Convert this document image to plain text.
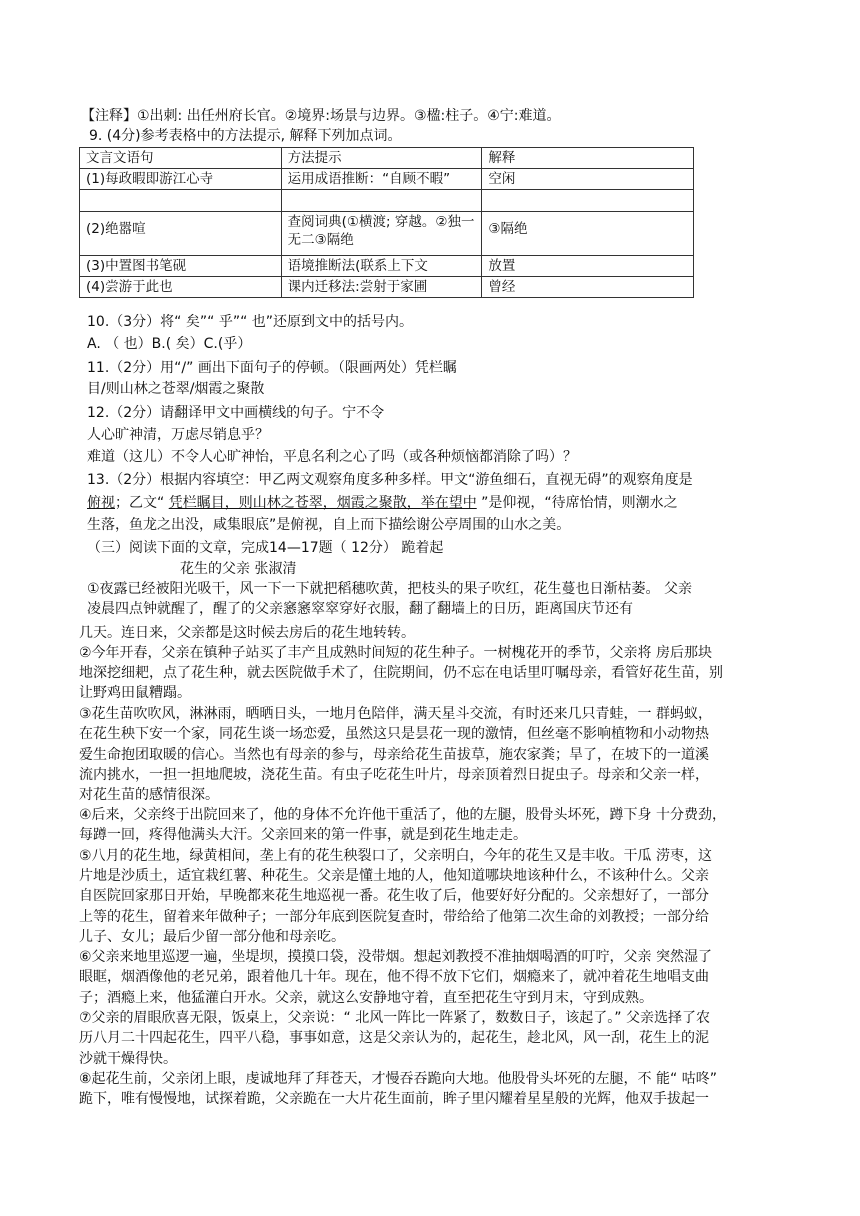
【注释】①出刺: 出任州府长官。②境界:场景与边界。③楹:柱子。④宁:难道。
9. (4分)参考表格中的方法提示, 解释下列加点词。
文言文语句	方法提示	解释
(1)每政暇即游江心寺	运用成语推断：“自顾不暇”	空闲

(2)绝嚣喧	查阅词典(①横渡; 穿越。②独一无二③隔绝	③隔绝
(3)中置图书笔砚	语境推断法(联系上下文	放置
(4)尝游于此也	课内迁移法:尝射于家圃	曾经
10.（3分）将“ 矣”“ 乎”“ 也”还原到文中的括号内。
A. （ 也）B.( 矣）C.(乎）
11.（2分）用“/” 画出下面句子的停顿。（限画两处）凭栏瞩
目/则山林之苍翠/烟霞之聚散
12.（2分）请翻译甲文中画横线的句子。宁不令
人心旷神清，万虑尽销息乎？
难道（这儿）不令人心旷神怡，平息名利之心了吗（或各种烦恼都消除了吗）？
13.（2分）根据内容填空：甲乙两文观察角度多种多样。甲文“游鱼细石，直视无碍”的观察角度是
俯视；乙文“ 凭栏瞩目，则山林之苍翠，烟霞之聚散，举在望中 ”是仰视，“待席怡情，则潮水之
生落，鱼龙之出没，咸集眼底”是俯视，自上而下描绘谢公亭周围的山水之美。
（三）阅读下面的文章，完成14—17题（ 12分） 跪着起
花生的父亲 张淑清
①夜露已经被阳光吸干，风一下一下就把稻穗吹黄，把枝头的果子吹红，花生蔓也日渐枯萎。 父亲
凌晨四点钟就醒了，醒了的父亲窸窸窣窣穿好衣服，翻了翻墙上的日历，距离国庆节还有
几天。连日来，父亲都是这时候去房后的花生地转转。
②今年开春，父亲在镇种子站买了丰产且成熟时间短的花生种子。一树槐花开的季节，父亲将 房后那块
地深挖细耙，点了花生种，就去医院做手术了，住院期间，仍不忘在电话里叮嘱母亲，看管好花生苗，别
让野鸡田鼠糟蹋。
③花生苗吹吹风，淋淋雨，晒晒日头，一地月色陪伴，满天星斗交流，有时还来几只青蛙，一 群蚂蚁，
在花生秧下安一个家，同花生谈一场恋爱，虽然这只是昙花一现的激情，但丝毫不影响植物和小动物热
爱生命抱团取暖的信心。当然也有母亲的参与，母亲给花生苗拔草，施农家粪；旱了，在坡下的一道溪
流内挑水，一担一担地爬坡，浇花生苗。有虫子吃花生叶片，母亲顶着烈日捉虫子。母亲和父亲一样，
对花生苗的感情很深。
④后来，父亲终于出院回来了，他的身体不允许他干重活了，他的左腿，股骨头坏死，蹲下身 十分费劲，
每蹲一回，疼得他满头大汗。父亲回来的第一件事，就是到花生地走走。
⑤八月的花生地，绿黄相间，垄上有的花生秧裂口了，父亲明白，今年的花生又是丰收。干瓜 涝枣，这
片地是沙质土，适宜栽红薯、种花生。父亲是懂土地的人，他知道哪块地该种什么，不该种什么。父亲
自医院回家那日开始，早晚都来花生地巡视一番。花生收了后，他要好好分配的。父亲想好了，一部分
上等的花生，留着来年做种子；一部分年底到医院复查时，带给给了他第二次生命的刘教授；一部分给
儿子、女儿；最后少留一部分他和母亲吃。
⑥父亲来地里巡逻一遍，坐堤坝，摸摸口袋，没带烟。想起刘教授不准抽烟喝酒的叮咛，父亲 突然湿了
眼眶，烟酒像他的老兄弟，跟着他几十年。现在，他不得不放下它们，烟瘾来了，就冲着花生地唱支曲
子；酒瘾上来，他猛灌白开水。父亲，就这么安静地守着，直至把花生守到月末，守到成熟。
⑦父亲的眉眼欣喜无限，饭桌上，父亲说：“ 北风一阵比一阵紧了，数数日子，该起了。” 父亲选择了农
历八月二十四起花生，四平八稳，事事如意，这是父亲认为的，起花生，趁北风，风一刮，花生上的泥
沙就干燥得快。
⑧起花生前，父亲闭上眼，虔诚地拜了拜苍天，才慢吞吞跪向大地。他股骨头坏死的左腿，不 能“ 咕咚”
跪下，唯有慢慢地，试探着跪，父亲跪在一大片花生面前，眸子里闪耀着星星般的光辉，他双手拔起一
